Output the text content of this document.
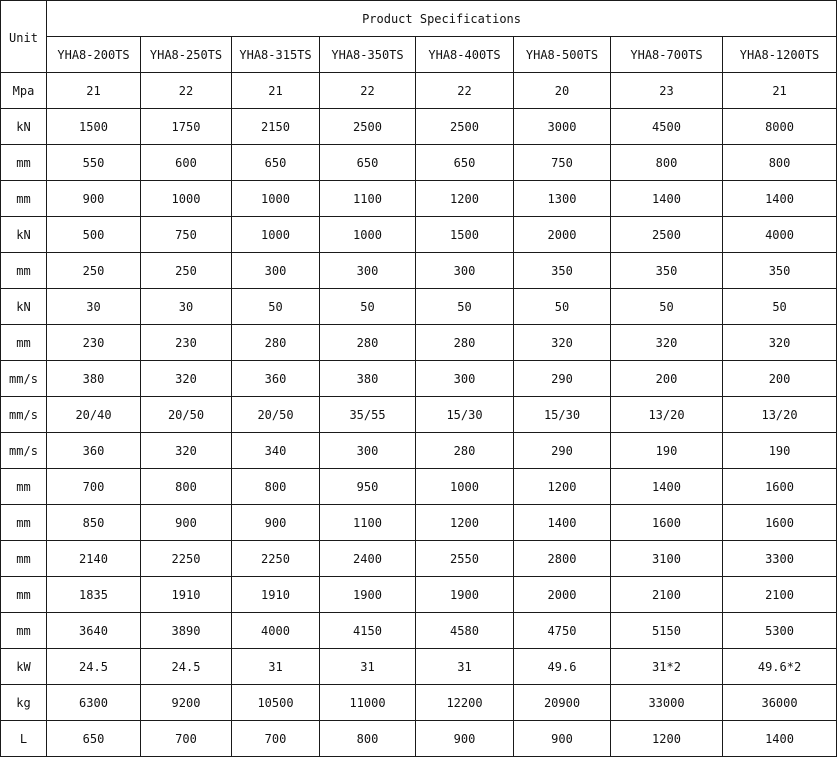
Unit	Product Specifications							
	YHA8-200TS	YHA8-250TS	YHA8-315TS	YHA8-350TS	YHA8-400TS	YHA8-500TS	YHA8-700TS	YHA8-1200TS
Mpa	21	22	21	22	22	20	23	21
kN	1500	1750	2150	2500	2500	3000	4500	8000
mm	550	600	650	650	650	750	800	800
mm	900	1000	1000	1100	1200	1300	1400	1400
kN	500	750	1000	1000	1500	2000	2500	4000
mm	250	250	300	300	300	350	350	350
kN	30	30	50	50	50	50	50	50
mm	230	230	280	280	280	320	320	320
mm/s	380	320	360	380	300	290	200	200
mm/s	20/40	20/50	20/50	35/55	15/30	15/30	13/20	13/20
mm/s	360	320	340	300	280	290	190	190
mm	700	800	800	950	1000	1200	1400	1600
mm	850	900	900	1100	1200	1400	1600	1600
mm	2140	2250	2250	2400	2550	2800	3100	3300
mm	1835	1910	1910	1900	1900	2000	2100	2100
mm	3640	3890	4000	4150	4580	4750	5150	5300
kW	24.5	24.5	31	31	31	49.6	31*2	49.6*2
kg	6300	9200	10500	11000	12200	20900	33000	36000
L	650	700	700	800	900	900	1200	1400
